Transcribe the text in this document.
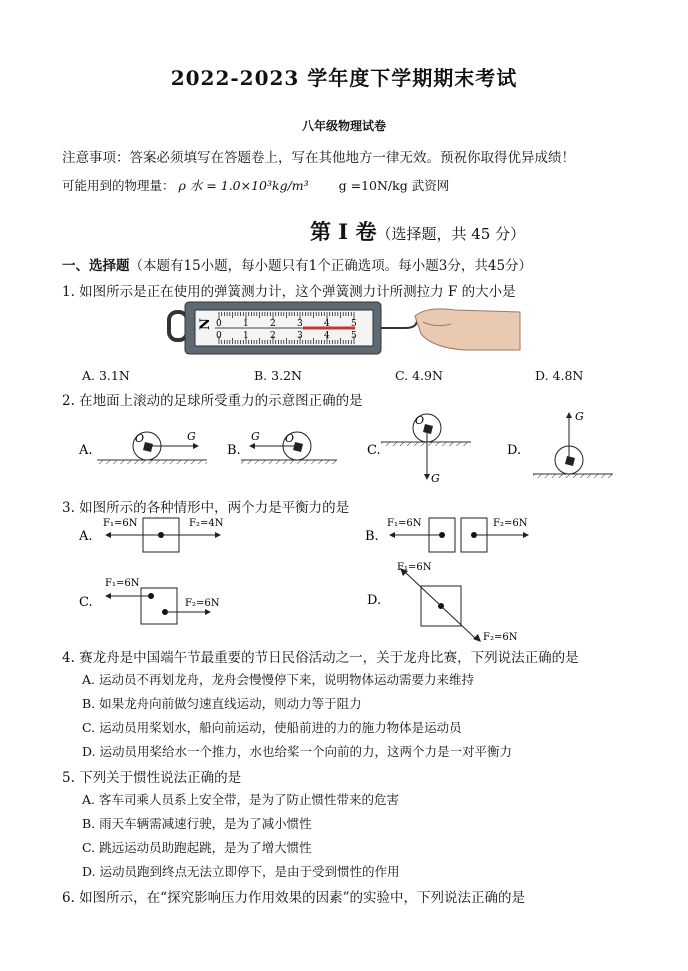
2022-2023 学年度下学期期末考试
八年级物理试卷
注意事项：答案必须填写在答题卷上，写在其他地方一律无效。预祝你取得优异成绩！
可能用到的物理量： ρ 水 = 1.0×10³kg/m³ g =10N/kg 武资网
第 Ⅰ 卷（选择题，共 45 分）
一、选择题（本题有15小题，每小题只有1个正确选项。每小题3分，共45分）
1. 如图所示是正在使用的弹簧测力计，这个弹簧测力计所测拉力 F 的大小是
N 0
0
1
1
2
2
3
3
4
4
5
5
A. 3.1N	B. 3.2N	C. 4.9N	D. 4.8N
2. 在地面上滚动的足球所受重力的示意图正确的是
A.
O	G
B.
G O
C.
O
G
D.
G
3. 如图所示的各种情形中，两个力是平衡力的是
A.
F₁=6N	F₂=4N
B.
F₁=6N	F₂=6N
C.
F₁=6N
F₂=6N	D.
F₁=6N
F₂=6N
4. 赛龙舟是中国端午节最重要的节日民俗活动之一，关于龙舟比赛，下列说法正确的是
A. 运动员不再划龙舟，龙舟会慢慢停下来，说明物体运动需要力来维持
B. 如果龙舟向前做匀速直线运动，则动力等于阻力
C. 运动员用桨划水，船向前运动，使船前进的力的施力物体是运动员
D. 运动员用桨给水一个推力，水也给桨一个向前的力，这两个力是一对平衡力
5. 下列关于惯性说法正确的是
A. 客车司乘人员系上安全带，是为了防止惯性带来的危害
B. 雨天车辆需减速行驶，是为了减小惯性
C. 跳远运动员助跑起跳，是为了增大惯性
D. 运动员跑到终点无法立即停下，是由于受到惯性的作用
6. 如图所示，在“探究影响压力作用效果的因素”的实验中，下列说法正确的是
